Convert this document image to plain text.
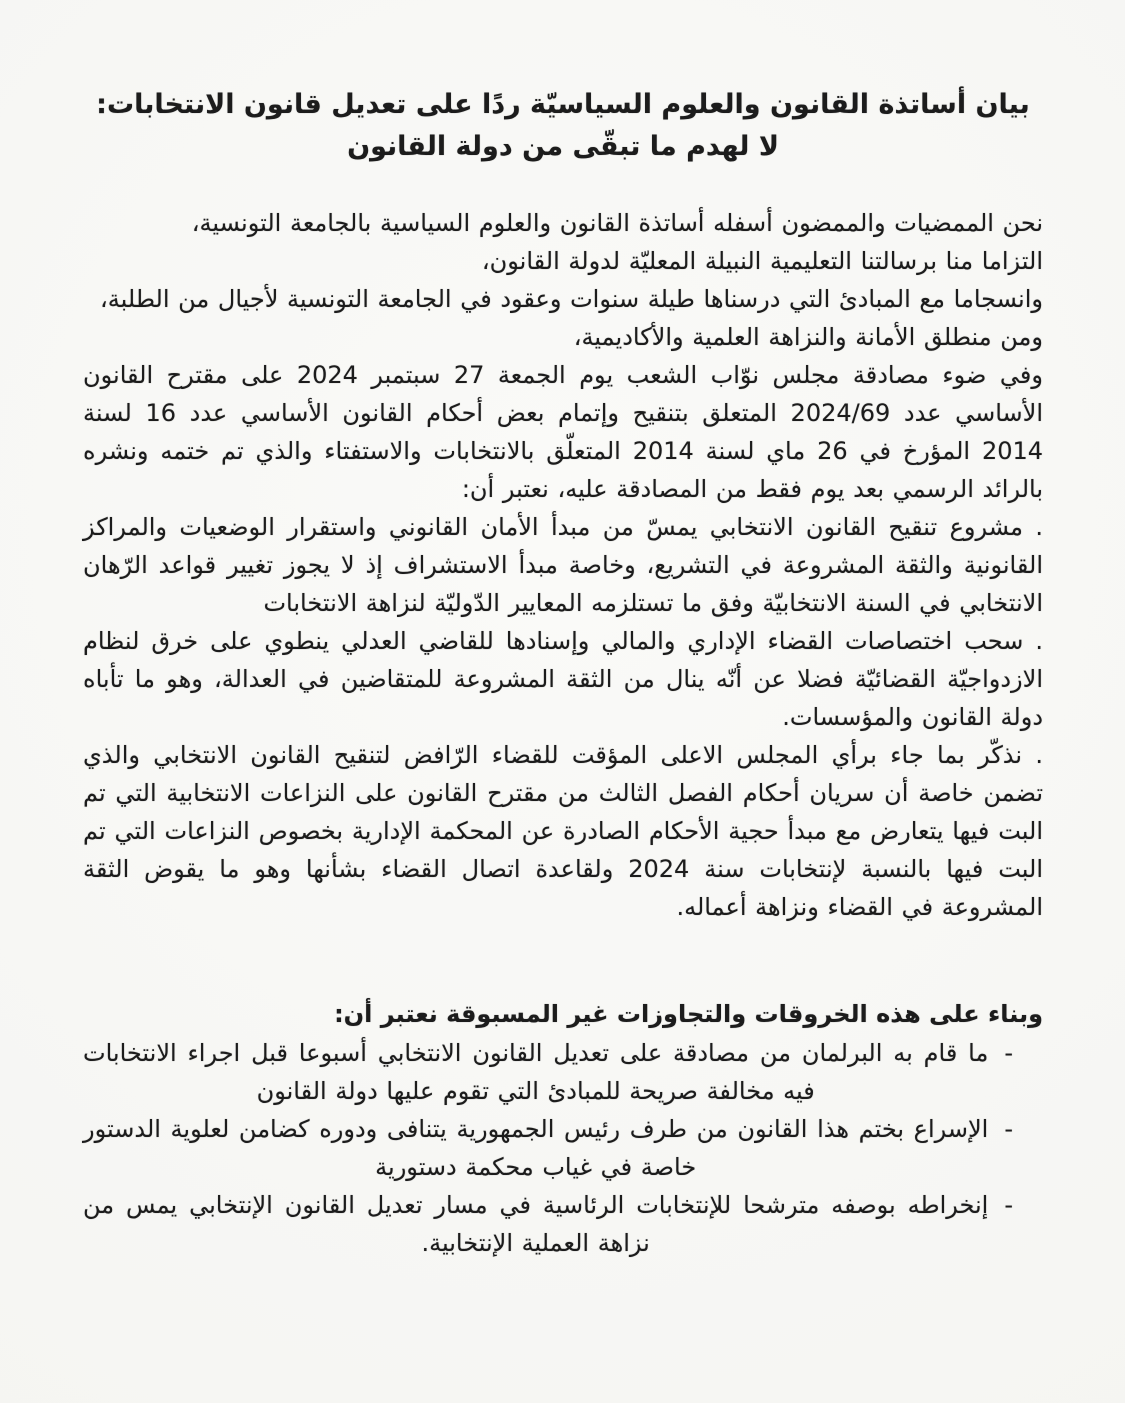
بيان أساتذة القانون والعلوم السياسيّة ردًا على تعديل قانون الانتخابات:
لا لهدم ما تبقّى من دولة القانون

نحن الممضيات والممضون أسفله أساتذة القانون والعلوم السياسية بالجامعة التونسية،

التزاما منا برسالتنا التعليمية النبيلة المعليّة لدولة القانون،

وانسجاما مع المبادئ التي درسناها طيلة سنوات وعقود في الجامعة التونسية لأجيال من الطلبة،

ومن منطلق الأمانة والنزاهة العلمية والأكاديمية،

وفي ضوء مصادقة مجلس نوّاب الشعب يوم الجمعة 27 سبتمبر 2024 على مقترح القانون الأساسي عدد 2024/69 المتعلق بتنقيح وإتمام بعض أحكام القانون الأساسي عدد 16 لسنة 2014 المؤرخ في 26 ماي لسنة 2014 المتعلّق بالانتخابات والاستفتاء والذي تم ختمه ونشره بالرائد الرسمي بعد يوم فقط من المصادقة عليه، نعتبر أن:

. مشروع تنقيح القانون الانتخابي يمسّ من مبدأ الأمان القانوني واستقرار الوضعيات والمراكز القانونية والثقة المشروعة في التشريع، وخاصة مبدأ الاستشراف إذ لا يجوز تغيير قواعد الرّهان الانتخابي في السنة الانتخابيّة وفق ما تستلزمه المعايير الدّوليّة لنزاهة الانتخابات

. سحب اختصاصات القضاء الإداري والمالي وإسنادها للقاضي العدلي ينطوي على خرق لنظام الازدواجيّة القضائيّة فضلا عن أنّه ينال من الثقة المشروعة للمتقاضين في العدالة، وهو ما تأباه دولة القانون والمؤسسات.

. نذكّر بما جاء برأي المجلس الاعلى المؤقت للقضاء الرّافض لتنقيح القانون الانتخابي والذي تضمن خاصة أن سريان أحكام الفصل الثالث من مقترح القانون على النزاعات الانتخابية التي تم البت فيها يتعارض مع مبدأ حجية الأحكام الصادرة عن المحكمة الإدارية بخصوص النزاعات التي تم البت فيها بالنسبة لإنتخابات سنة 2024 ولقاعدة اتصال القضاء بشأنها وهو ما يقوض الثقة المشروعة في القضاء ونزاهة أعماله.

وبناء على هذه الخروقات والتجاوزات غير المسبوقة نعتبر أن:

-
ما قام به البرلمان من مصادقة على تعديل القانون الانتخابي أسبوعا قبل اجراء الانتخابات فيه مخالفة صريحة للمبادئ التي تقوم عليها دولة القانون
-
الإسراع بختم هذا القانون من طرف رئيس الجمهورية يتنافى ودوره كضامن لعلوية الدستور خاصة في غياب محكمة دستورية
-
إنخراطه بوصفه مترشحا للإنتخابات الرئاسية في مسار تعديل القانون الإنتخابي يمس من نزاهة العملية الإنتخابية.
